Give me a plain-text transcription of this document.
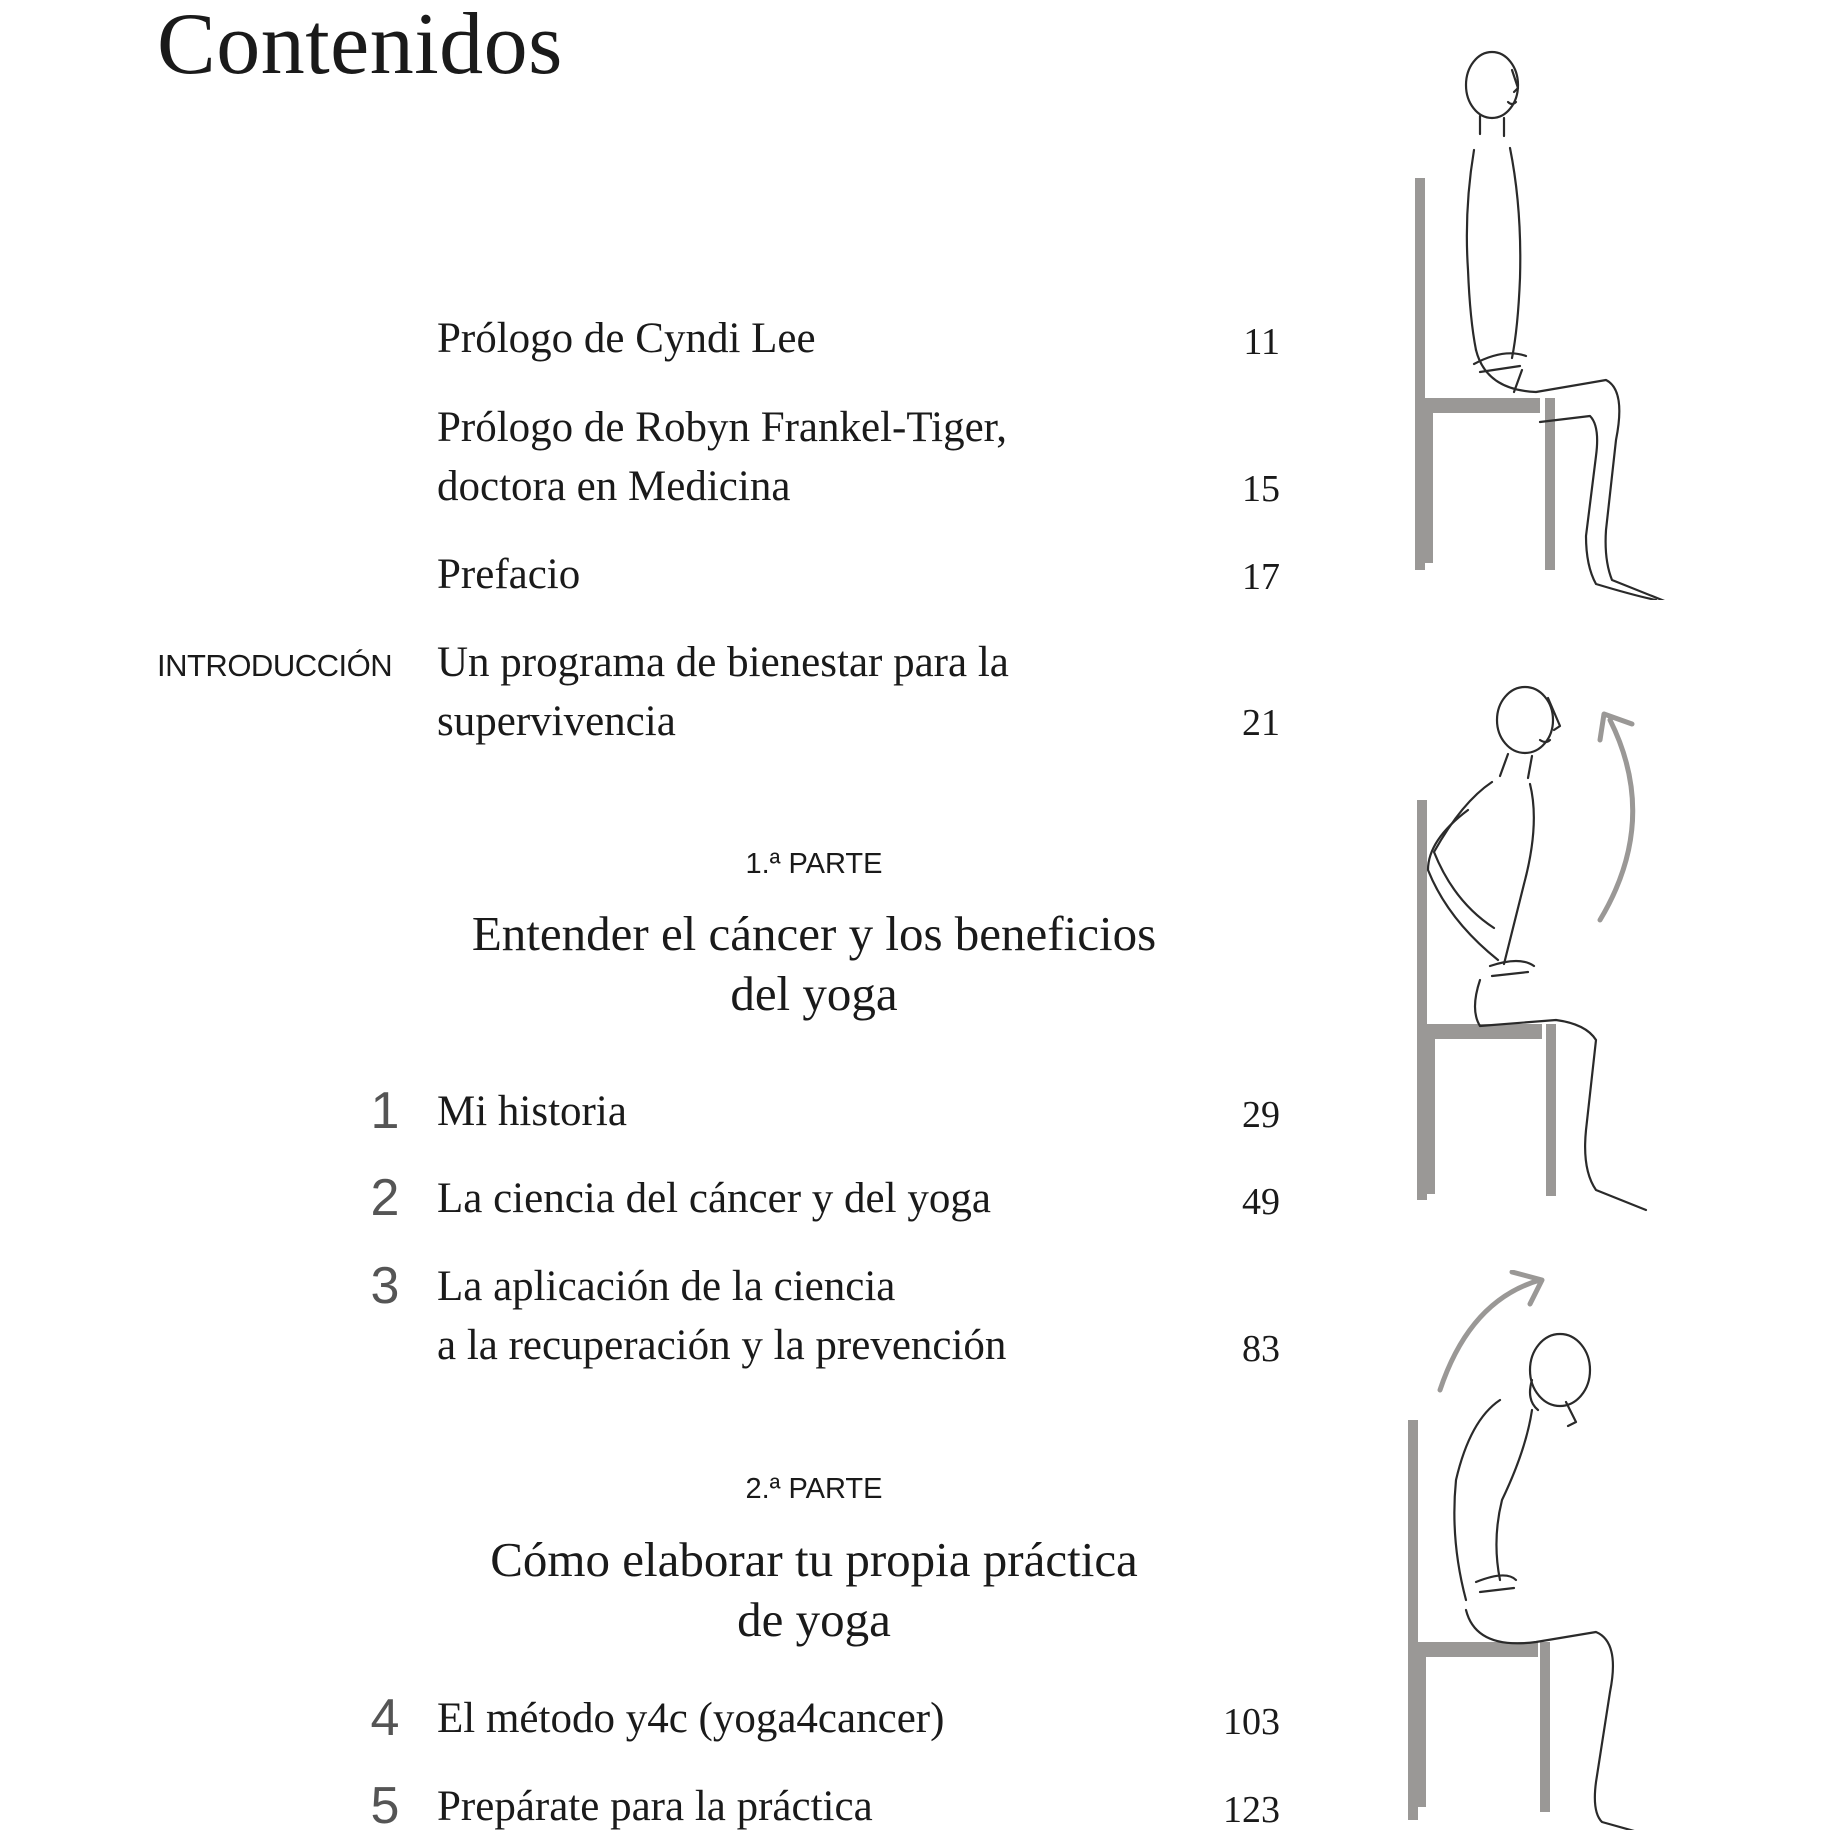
Contenidos
Prólogo de Cyndi Lee	11
Prólogo de Robyn Frankel-Tiger,
doctora en Medicina	15
Prefacio	17
INTRODUCCIÓN Un programa de bienestar para la
supervivencia	21
1.ª PARTE
Entender el cáncer y los beneficios
del yoga
1 Mi historia	29
2 La ciencia del cáncer y del yoga	49
3 La aplicación de la ciencia
a la recuperación y la prevención	83
2.ª PARTE
Cómo elaborar tu propia práctica
de yoga
4 El método y4c (yoga4cancer)	103
5 Prepárate para la práctica	123
